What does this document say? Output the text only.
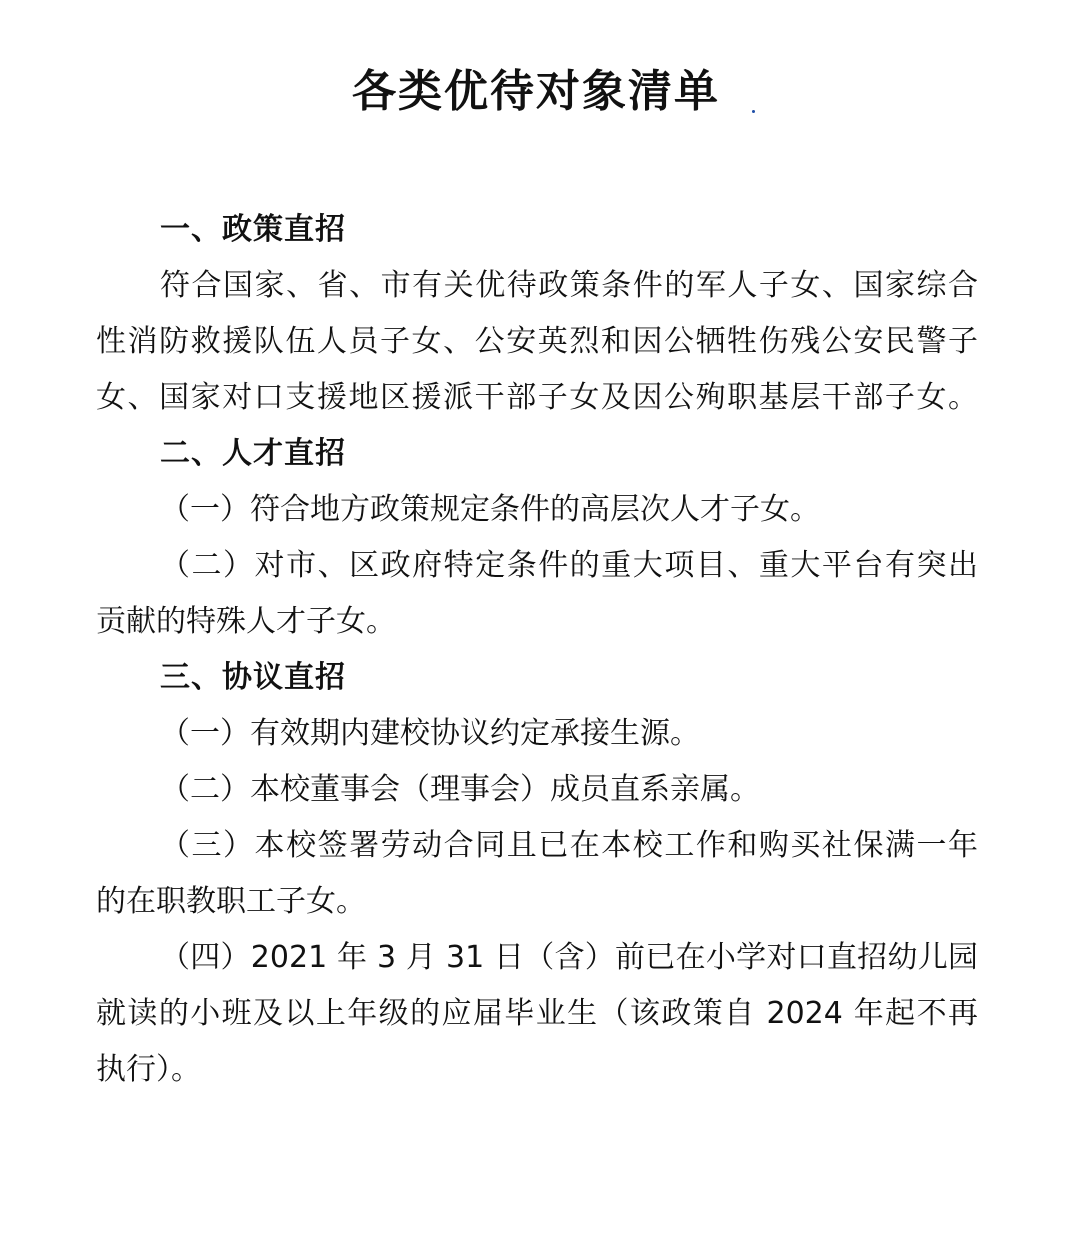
各类优待对象清单
一、政策直招
符合国家、省、市有关优待政策条件的军人子女、国家综合
性消防救援队伍人员子女、公安英烈和因公牺牲伤残公安民警子
女、国家对口支援地区援派干部子女及因公殉职基层干部子女。
二、人才直招
（一）符合地方政策规定条件的高层次人才子女。
（二）对市、区政府特定条件的重大项目、重大平台有突出
贡献的特殊人才子女。
三、协议直招
（一）有效期内建校协议约定承接生源。
（二）本校董事会（理事会）成员直系亲属。
（三）本校签署劳动合同且已在本校工作和购买社保满一年
的在职教职工子女。
（四）2021 年 3 月 31 日（含）前已在小学对口直招幼儿园
就读的小班及以上年级的应届毕业生（该政策自 2024 年起不再
执行）。
